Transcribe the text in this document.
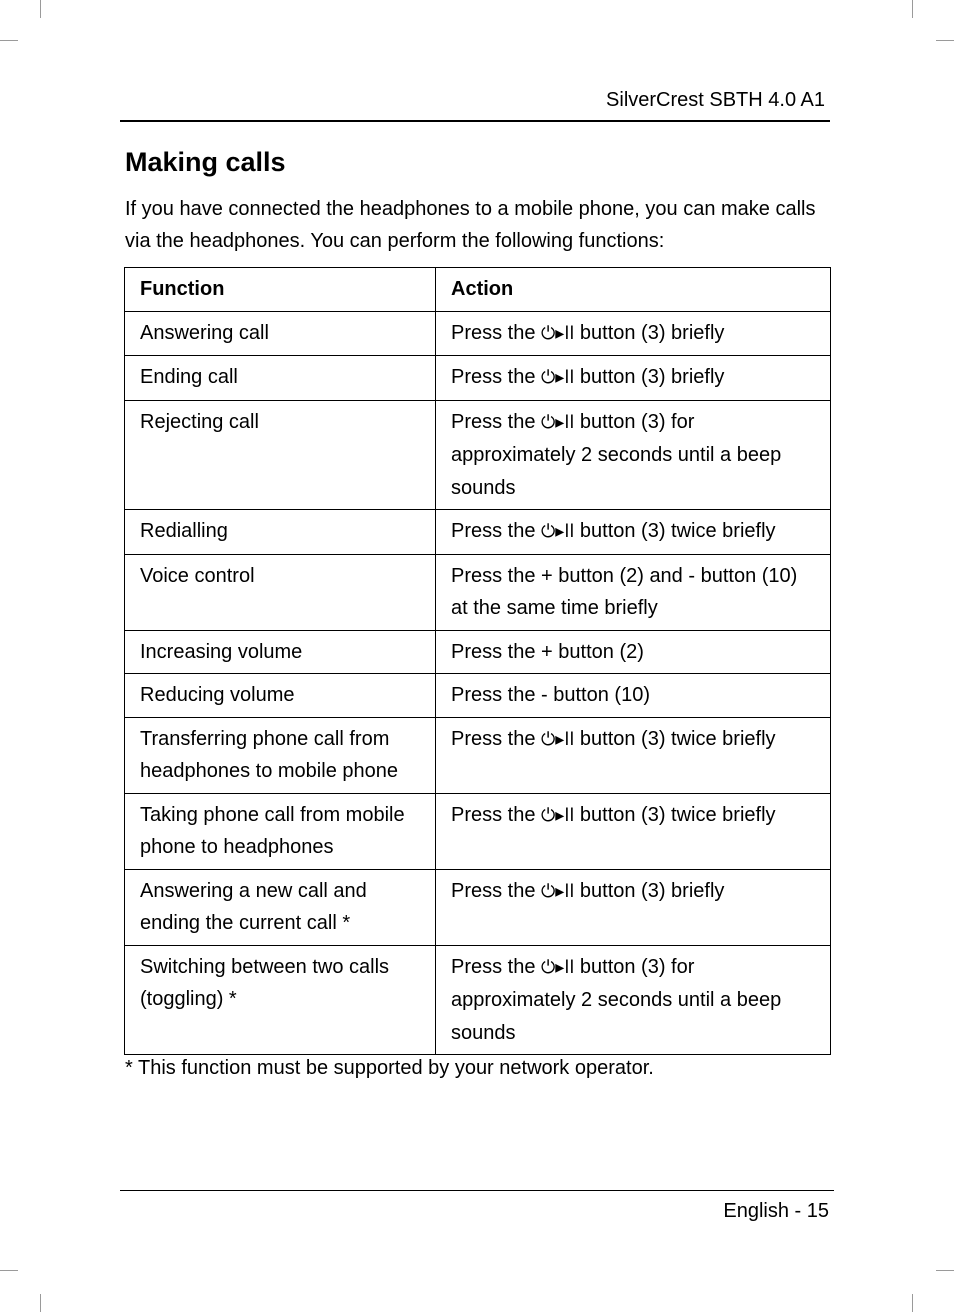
SilverCrest SBTH 4.0 A1
Making calls

If you have connected the headphones to a mobile phone, you can make calls via the headphones. You can perform the following functions:

Function	Action
Answering call	Press the ⏻▸ll button (3) briefly
Ending call	Press the ⏻▸ll button (3) briefly
Rejecting call	Press the ⏻▸ll button (3) for approximately 2 seconds until a beep sounds
Redialling	Press the ⏻▸ll button (3) twice briefly
Voice control	Press the + button (2) and - button (10) at the same time briefly
Increasing volume	Press the + button (2)
Reducing volume	Press the - button (10)
Transferring phone call from headphones to mobile phone	Press the ⏻▸ll button (3) twice briefly
Taking phone call from mobile phone to headphones	Press the ⏻▸ll button (3) twice briefly
Answering a new call and ending the current call *	Press the ⏻▸ll button (3) briefly
Switching between two calls (toggling) *	Press the ⏻▸ll button (3) for approximately 2 seconds until a beep sounds

* This function must be supported by your network operator.

English - 15
